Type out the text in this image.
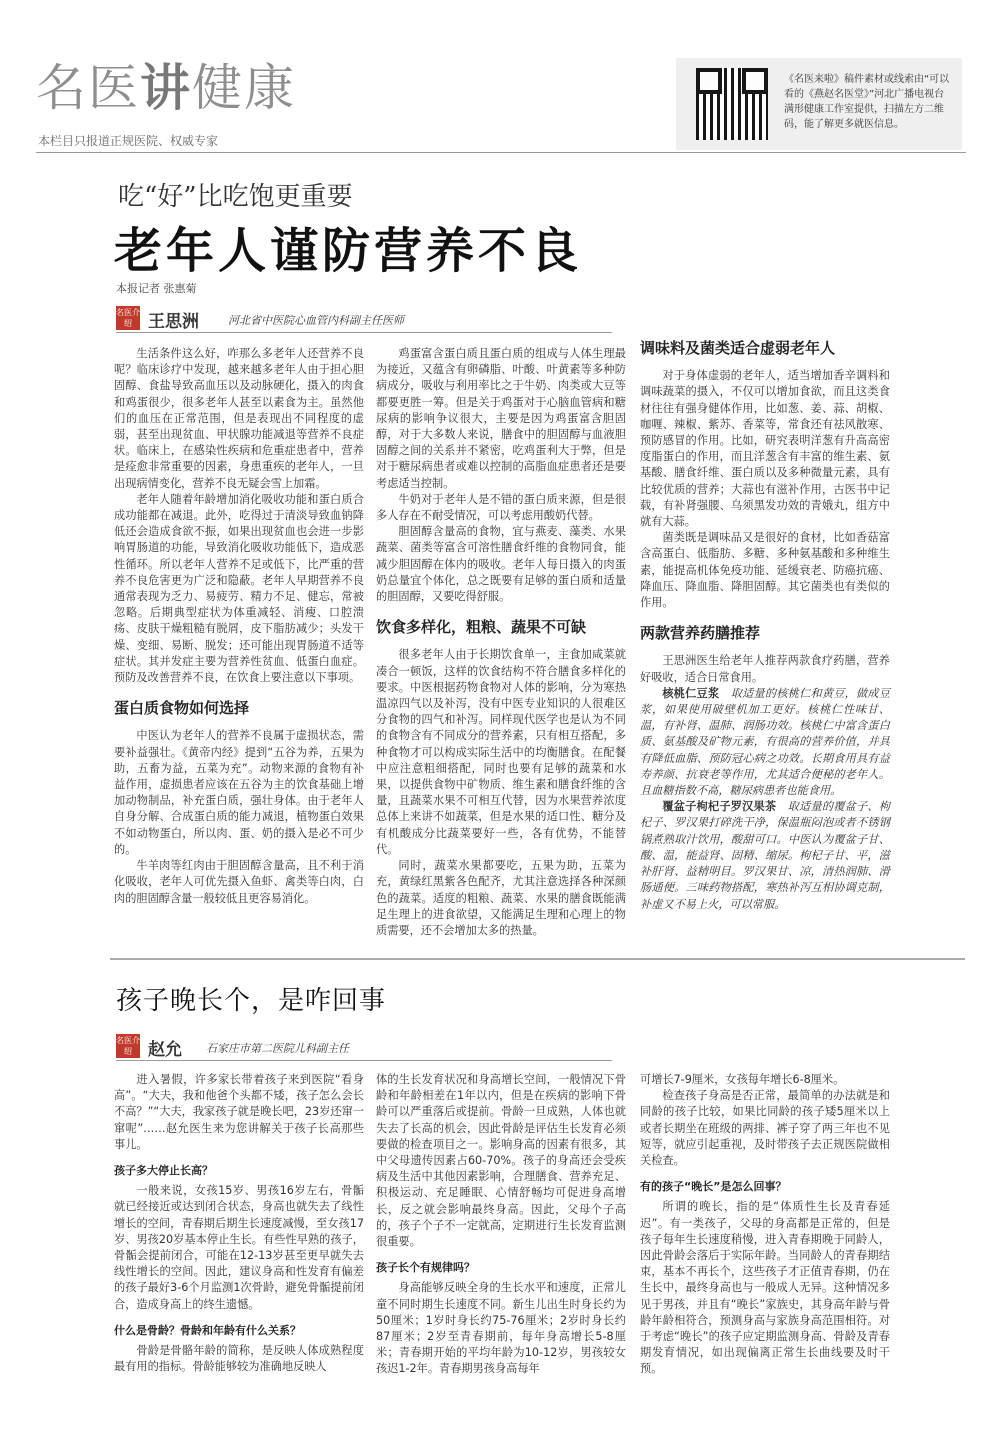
名医讲健康
本栏目只报道正规医院、权威专家
《名医来啦》稿件素材或线索由“可以看的《燕赵名医堂》”河北广播电视台满形健康工作室提供，扫描左方二维码，能了解更多就医信息。
吃“好”比吃饱更重要
老年人谨防营养不良
本报记者 张惠菊
名医介绍 王思洲	河北省中医院心血管内科副主任医师

生活条件这么好，咋那么多老年人还营养不良呢？临床诊疗中发现，越来越多老年人由于担心胆固醇、食盐导致高血压以及动脉硬化，摄入的肉食和鸡蛋很少，很多老年人甚至以素食为主。虽然他们的血压在正常范围，但是表现出不同程度的虚弱，甚至出现贫血、甲状腺功能减退等营养不良症状。临床上，在感染性疾病和危重症患者中，营养是痊愈非常重要的因素，身患重疾的老年人，一旦出现病情变化，营养不良无疑会雪上加霜。

老年人随着年龄增加消化吸收功能和蛋白质合成功能都在减退。此外，吃得过于清淡导致血钠降低还会造成食欲不振，如果出现贫血也会进一步影响胃肠道的功能，导致消化吸收功能低下，造成恶性循环。所以老年人营养不足或低下，比严重的营养不良危害更为广泛和隐蔽。老年人早期营养不良通常表现为乏力、易疲劳、精力不足、健忘，常被忽略。后期典型症状为体重减轻、消瘦、口腔溃疡、皮肤干燥粗糙有脱屑，皮下脂肪减少；头发干燥、变细、易断、脱发；还可能出现胃肠道不适等症状。其并发症主要为营养性贫血、低蛋白血症。预防及改善营养不良，在饮食上要注意以下事项。

蛋白质食物如何选择

中医认为老年人的营养不良属于虚损状态，需要补益强壮。《黄帝内经》提到“五谷为养，五果为助，五畜为益，五菜为充”。动物来源的食物有补益作用，虚损患者应该在五谷为主的饮食基础上增加动物制品，补充蛋白质，强壮身体。由于老年人自身分解、合成蛋白质的能力减退，植物蛋白效果不如动物蛋白，所以肉、蛋、奶的摄入是必不可少的。

牛羊肉等红肉由于胆固醇含量高，且不利于消化吸收，老年人可优先摄入鱼虾、禽类等白肉，白肉的胆固醇含量一般较低且更容易消化。

鸡蛋富含蛋白质且蛋白质的组成与人体生理最为接近，又蕴含有卵磷脂、叶酸、叶黄素等多种防病成分，吸收与利用率比之于牛奶、肉类或大豆等都要更胜一筹。但是关于鸡蛋对于心脑血管病和糖尿病的影响争议很大，主要是因为鸡蛋富含胆固醇，对于大多数人来说，膳食中的胆固醇与血液胆固醇之间的关系并不紧密，吃鸡蛋利大于弊，但是对于糖尿病患者或难以控制的高脂血症患者还是要考虑适当控制。

牛奶对于老年人是不错的蛋白质来源，但是很多人存在不耐受情况，可以考虑用酸奶代替。

胆固醇含量高的食物，宜与燕麦、藻类、水果蔬菜、菌类等富含可溶性膳食纤维的食物同食，能减少胆固醇在体内的吸收。老年人每日摄入的肉蛋奶总量宜个体化，总之既要有足够的蛋白质和适量的胆固醇，又要吃得舒服。

饮食多样化，粗粮、蔬果不可缺

很多老年人由于长期饮食单一，主食加咸菜就凑合一顿饭，这样的饮食结构不符合膳食多样化的要求。中医根据药物食物对人体的影响，分为寒热温凉四气以及补泻，没有中医专业知识的人很难区分食物的四气和补泻。同样现代医学也是认为不同的食物含有不同成分的营养素，只有相互搭配，多种食物才可以构成实际生活中的均衡膳食。在配餐中应注意粗细搭配，同时也要有足够的蔬菜和水果，以提供食物中矿物质、维生素和膳食纤维的含量，且蔬菜水果不可相互代替，因为水果营养浓度总体上来讲不如蔬菜，但是水果的适口性、糖分及有机酸成分比蔬菜要好一些，各有优势，不能替代。

同时，蔬菜水果都要吃，五果为助，五菜为充，黄绿红黑紫各色配齐，尤其注意选择各种深颜色的蔬菜。适度的粗粮、蔬菜、水果的膳食既能满足生理上的进食欲望，又能满足生理和心理上的物质需要，还不会增加太多的热量。

调味料及菌类适合虚弱老年人

对于身体虚弱的老年人，适当增加香辛调料和调味蔬菜的摄入，不仅可以增加食欲，而且这类食材往往有强身健体作用，比如葱、姜、蒜、胡椒、咖喱、辣椒、紫苏、香菜等，常食还有祛风散寒、预防感冒的作用。比如，研究表明洋葱有升高高密度脂蛋白的作用，而且洋葱含有丰富的维生素、氨基酸、膳食纤维、蛋白质以及多种微量元素，具有比较优质的营养；大蒜也有滋补作用，古医书中记载，有补肾强腰、乌须黑发功效的青娥丸，组方中就有大蒜。

菌类既是调味品又是很好的食材，比如香菇富含高蛋白、低脂肪、多糖、多种氨基酸和多种维生素，能提高机体免疫功能、延缓衰老、防癌抗癌、降血压、降血脂、降胆固醇。其它菌类也有类似的作用。

两款营养药膳推荐

王思洲医生给老年人推荐两款食疗药膳，营养好吸收，适合日常食用。

核桃仁豆浆　 取适量的核桃仁和黄豆，做成豆浆，如果使用破壁机加工更好。核桃仁性味甘、温，有补肾、温肺、润肠功效。核桃仁中富含蛋白质、氨基酸及矿物元素，有很高的营养价值，并具有降低血脂、预防冠心病之功效。长期食用具有益寿养颜、抗衰老等作用，尤其适合便秘的老年人。且血糖指数不高，糖尿病患者也能食用。

覆盆子枸杞子罗汉果茶　 取适量的覆盆子、枸杞子、罗汉果打碎洗干净，保温瓶闷泡或者不锈钢锅煮熟取汁饮用，酸甜可口。中医认为覆盆子甘、酸、温，能益肾、固精、缩尿。枸杞子甘、平，滋补肝肾、益精明目。罗汉果甘、凉，清热润肺、滑肠通便。三味药物搭配，寒热补泻互相协调克制，补虚又不易上火，可以常服。

孩子晚长个，是咋回事
名医介绍 赵允 石家庄市第二医院儿科副主任

进入暑假，许多家长带着孩子来到医院“看身高”。“大夫，我和他爸个头都不矮，孩子怎么会长不高？”“大夫，我家孩子就是晚长吧，23岁还窜一窜呢”……赵允医生来为您讲解关于孩子长高那些事儿。

孩子多大停止长高？

一般来说，女孩15岁、男孩16岁左右，骨骺就已经接近或达到闭合状态，身高也就失去了线性增长的空间，青春期后期生长速度减慢，至女孩17岁、男孩20岁基本停止生长。有些性早熟的孩子，骨骺会提前闭合，可能在12-13岁甚至更早就失去线性增长的空间。因此，建议身高和性发育有偏差的孩子最好3-6个月监测1次骨龄，避免骨骺提前闭合，造成身高上的终生遗憾。

什么是骨龄？骨龄和年龄有什么关系？

骨龄是骨骼年龄的简称，是反映人体成熟程度最有用的指标。骨龄能够较为准确地反映人

体的生长发育状况和身高增长空间，一般情况下骨龄和年龄相差在1年以内，但是在疾病的影响下骨龄可以严重落后或提前。骨龄一旦成熟，人体也就失去了长高的机会，因此骨龄是评估生长发育必须要做的检查项目之一。影响身高的因素有很多，其中父母遗传因素占60-70%。孩子的身高还会受疾病及生活中其他因素影响，合理膳食、营养充足、积极运动、充足睡眠、心情舒畅均可促进身高增长，反之就会影响最终身高。因此，父母个子高的，孩子个子不一定就高，定期进行生长发育监测很重要。

孩子长个有规律吗？

身高能够反映全身的生长水平和速度，正常儿童不同时期生长速度不同。新生儿出生时身长约为50厘米；1岁时身长约75-76厘米；2岁时身长约87厘米；2岁至青春期前，每年身高增长5-8厘米；青春期开始的平均年龄为10-12岁，男孩较女孩迟1-2年。青春期男孩身高每年

可增长7-9厘米，女孩每年增长6-8厘米。

检查孩子身高是否正常，最简单的办法就是和同龄的孩子比较，如果比同龄的孩子矮5厘米以上或者长期坐在班级的两排、裤子穿了两三年也不见短等，就应引起重视，及时带孩子去正规医院做相关检查。

有的孩子“晚长”是怎么回事？

所谓的晚长，指的是“体质性生长及青春延迟”。有一类孩子，父母的身高都是正常的，但是孩子每年生长速度稍慢，进入青春期晚于同龄人，因此骨龄会落后于实际年龄。当同龄人的青春期结束，基本不再长个，这些孩子才正值青春期，仍在生长中，最终身高也与一般成人无异。这种情况多见于男孩，并且有“晚长”家族史，其身高年龄与骨龄年龄相符合，预测身高与家族身高范围相符。对于考虑“晚长”的孩子应定期监测身高、骨龄及青春期发育情况，如出现偏离正常生长曲线要及时干预。
